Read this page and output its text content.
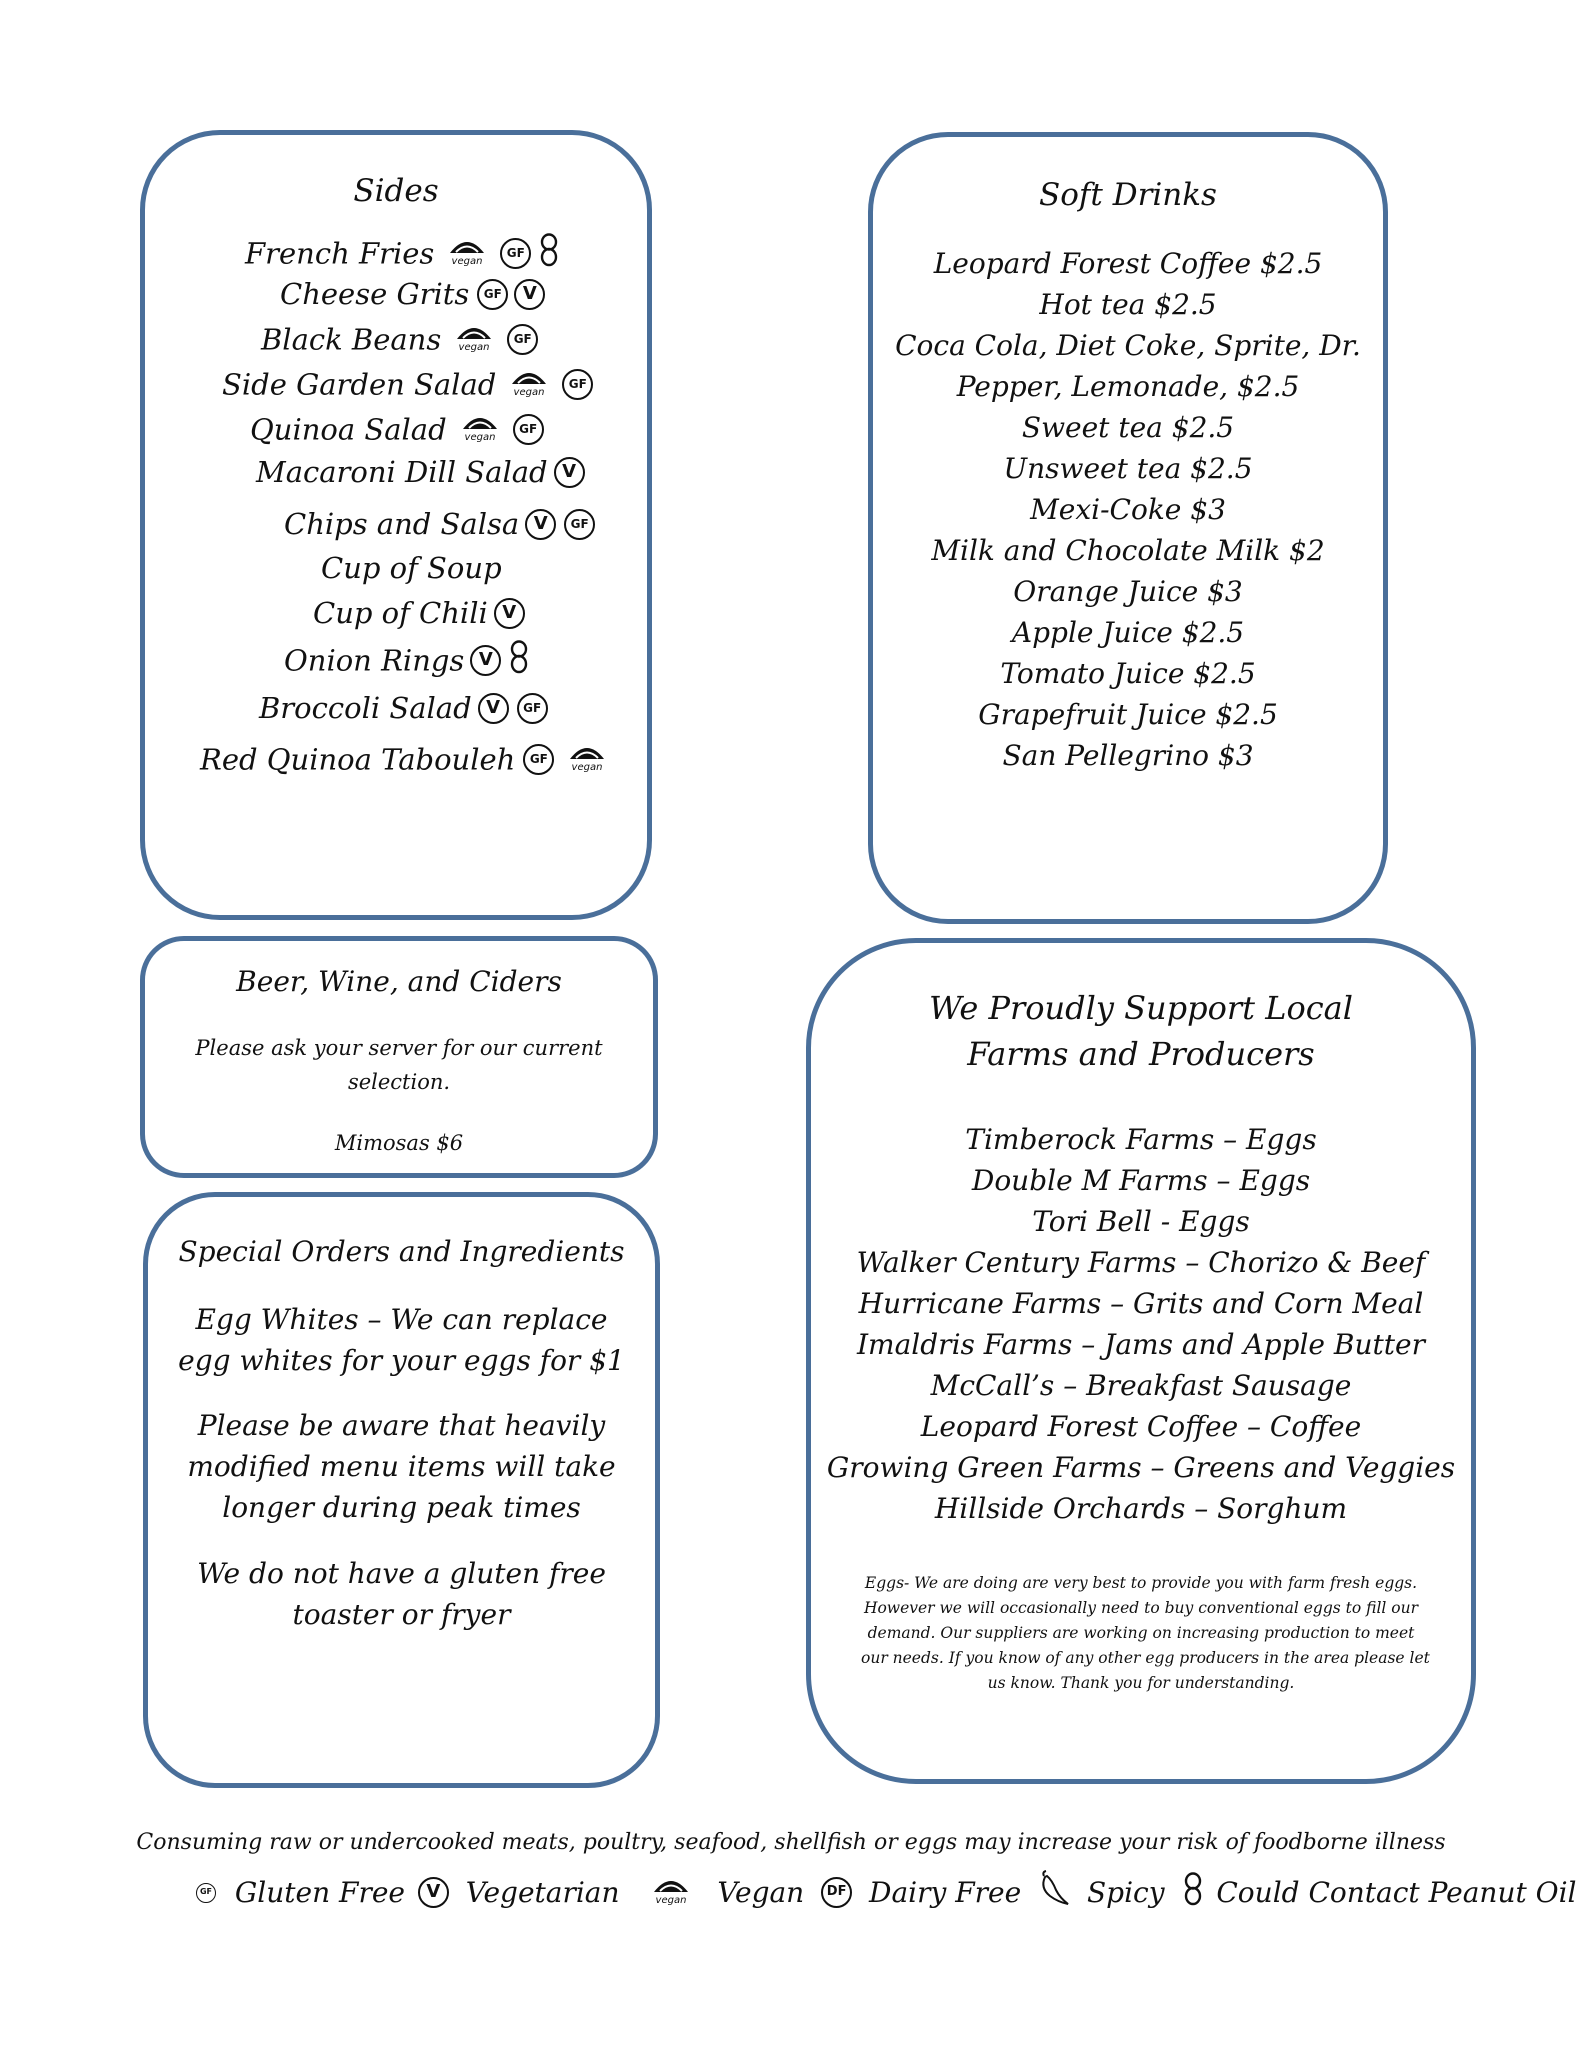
Sides
French Fries vegan
GF
Cheese Grits GF V
Black Beans vegan
GF
Side Garden Salad vegan
GF
Quinoa Salad vegan
GF
Macaroni Dill Salad V
Chips and Salsa V GF
Cup of Soup
Cup of Chili V
Onion Rings V
Broccoli Salad V GF
Red Quinoa Tabouleh GF
vegan
Soft Drinks
Leopard Forest Coffee $2.5
Hot tea $2.5
Coca Cola, Diet Coke, Sprite, Dr.
Pepper, Lemonade, $2.5
Sweet tea $2.5
Unsweet tea $2.5
Mexi-Coke $3
Milk and Chocolate Milk $2
Orange Juice $3
Apple Juice $2.5
Tomato Juice $2.5
Grapefruit Juice $2.5
San Pellegrino $3
Beer, Wine, and Ciders
Please ask your server for our current
selection.
Mimosas $6
Special Orders and Ingredients
Egg Whites – We can replace
egg whites for your eggs for $1
Please be aware that heavily
modified menu items will take
longer during peak times
We do not have a gluten free
toaster or fryer
We Proudly Support Local
Farms and Producers
Timberock Farms – Eggs
Double M Farms – Eggs
Tori Bell - Eggs
Walker Century Farms – Chorizo & Beef
Hurricane Farms – Grits and Corn Meal
Imaldris Farms – Jams and Apple Butter
McCall’s – Breakfast Sausage
Leopard Forest Coffee – Coffee
Growing Green Farms – Greens and Veggies
Hillside Orchards – Sorghum
Eggs- We are doing are very best to provide you with farm fresh eggs.
However we will occasionally need to buy conventional eggs to fill our
demand. Our suppliers are working on increasing production to meet
our needs. If you know of any other egg producers in the area please let
us know. Thank you for understanding.
Consuming raw or undercooked meats, poultry, seafood, shellfish or eggs may increase your risk of foodborne illness
GF Gluten Free V Vegetarian	vegan Vegan DF Dairy Free Spicy Could Contact Peanut Oil
